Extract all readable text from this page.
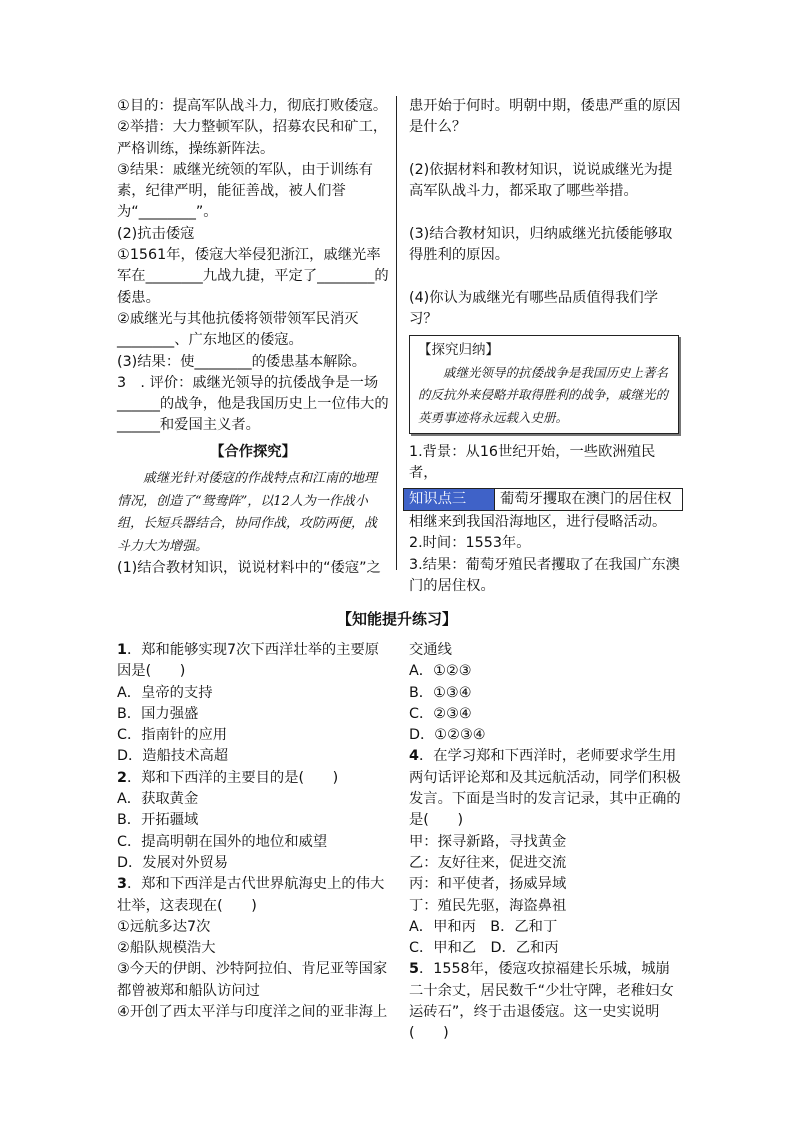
①目的：提高军队战斗力，彻底打败倭寇。

②举措：大力整顿军队，招募农民和矿工，严格训练，操练新阵法。

③结果：戚继光统领的军队，由于训练有素，纪律严明，能征善战，被人们誉为“________”。

(2)抗击倭寇

①1561年，倭寇大举侵犯浙江，戚继光率军在________九战九捷，平定了________的倭患。

②戚继光与其他抗倭将领带领军民消灭________、广东地区的倭寇。

(3)结果：使________的倭患基本解除。

3　. 评价：戚继光领导的抗倭战争是一场______的战争，他是我国历史上一位伟大的______和爱国主义者。

【合作探究】

戚继光针对倭寇的作战特点和江南的地理情况，创造了“鸳鸯阵”，以12人为一作战小组，长短兵器结合，协同作战，攻防两便，战斗力大为增强。

(1)结合教材知识，说说材料中的“倭寇”之

患开始于何时。明朝中期，倭患严重的原因是什么？

(2)依据材料和教材知识，说说戚继光为提高军队战斗力，都采取了哪些举措。

(3)结合教材知识，归纳戚继光抗倭能够取得胜利的原因。

(4)你认为戚继光有哪些品质值得我们学习？

【探究归纳】

戚继光领导的抗倭战争是我国历史上著名的反抗外来侵略并取得胜利的战争，戚继光的英勇事迹将永远载入史册。

1.背景：从16世纪开始，一些欧洲殖民者，

知识点三	葡萄牙攫取在澳门的居住权

相继来到我国沿海地区，进行侵略活动。

2.时间：1553年。

3.结果：葡萄牙殖民者攫取了在我国广东澳门的居住权。

【知能提升练习】

1．郑和能够实现7次下西洋壮举的主要原因是(　　)

A．皇帝的支持

B．国力强盛

C．指南针的应用

D．造船技术高超

2．郑和下西洋的主要目的是(　　)

A．获取黄金

B．开拓疆域

C．提高明朝在国外的地位和威望

D．发展对外贸易

3．郑和下西洋是古代世界航海史上的伟大壮举，这表现在(　　)

①远航多达7次

②船队规模浩大

③今天的伊朗、沙特阿拉伯、肯尼亚等国家都曾被郑和船队访问过

④开创了西太平洋与印度洋之间的亚非海上

交通线

A．①②③

B．①③④

C．②③④

D．①②③④

4．在学习郑和下西洋时，老师要求学生用两句话评论郑和及其远航活动，同学们积极发言。下面是当时的发言记录，其中正确的是(　　)

甲：探寻新路，寻找黄金

乙：友好往来，促进交流

丙：和平使者，扬威异域

丁：殖民先驱，海盗鼻祖

A．甲和丙　B．乙和丁

C．甲和乙　D．乙和丙

5．1558年，倭寇攻掠福建长乐城，城崩二十余丈，居民数千“少壮守陴，老稚妇女运砖石”，终于击退倭寇。这一史实说明(　　)
